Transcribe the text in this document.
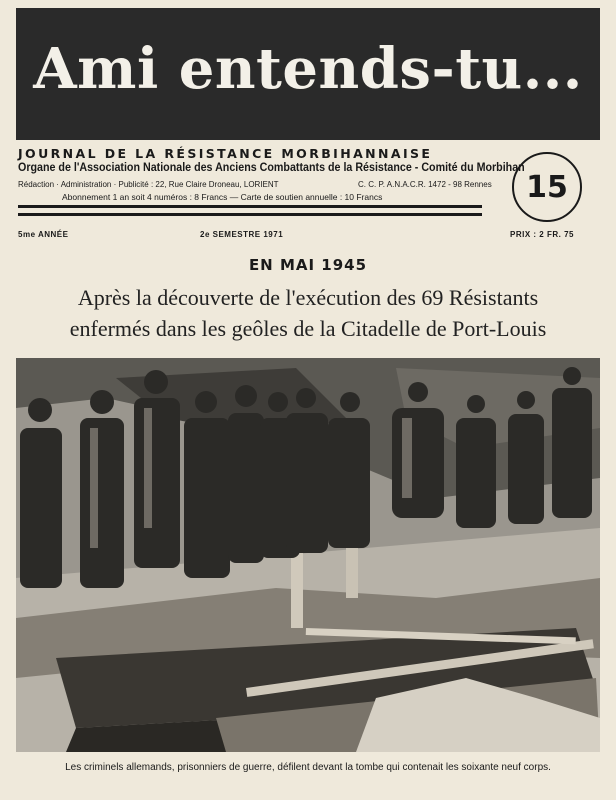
Ami entends-tu...
JOURNAL DE LA RÉSISTANCE MORBIHANNAISE
Organe de l'Association Nationale des Anciens Combattants de la Résistance - Comité du Morbihan
Rédaction · Administration · Publicité : 22, Rue Claire Droneau, LORIENT	C. C. P. A.N.A.C.R. 1472 - 98 Rennes
Abonnement 1 an soit 4 numéros : 8 Francs — Carte de soutien annuelle : 10 Francs	15
5me ANNÉE	2e SEMESTRE 1971	PRIX : 2 FR. 75
EN MAI 1945
Après la découverte de l'exécution des 69 Résistants
enfermés dans les geôles de la Citadelle de Port-Louis
Les criminels allemands, prisonniers de guerre, défilent devant la tombe qui contenait les soixante neuf corps.
